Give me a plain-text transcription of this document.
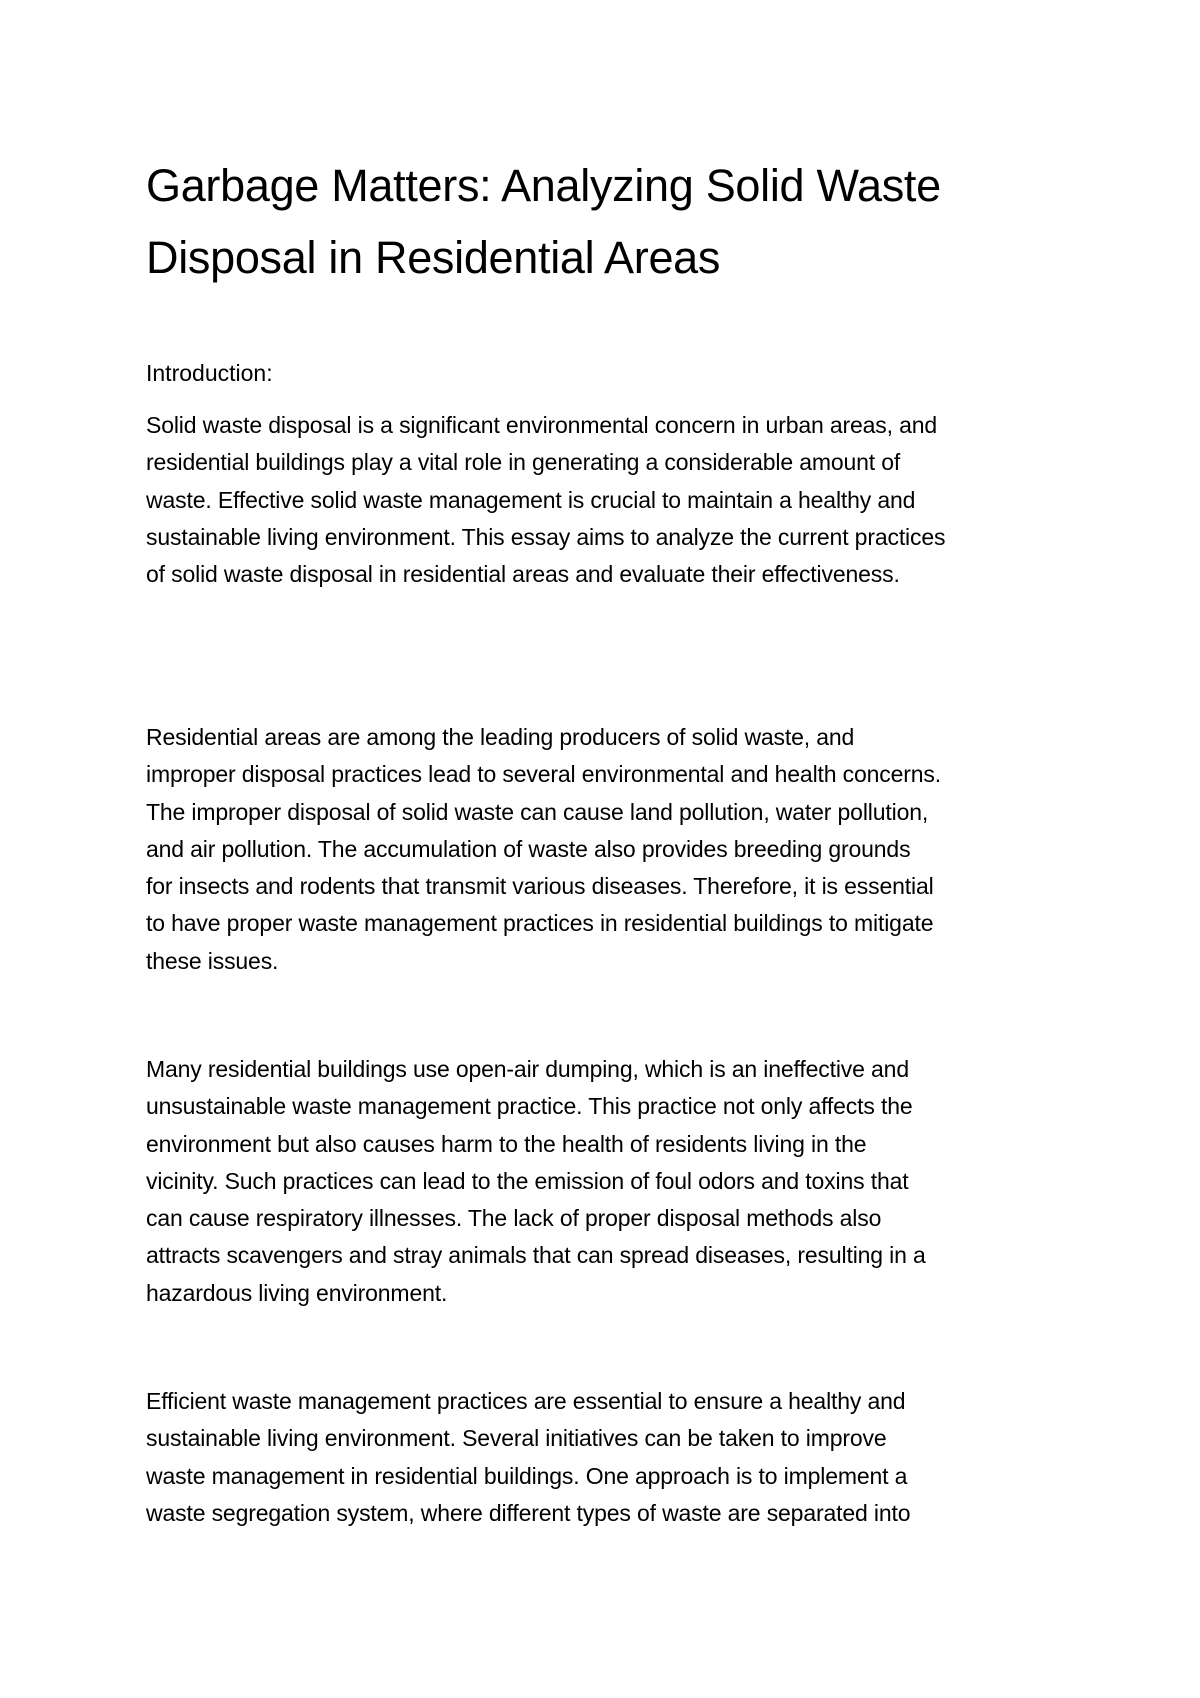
Garbage Matters: Analyzing Solid Waste
Disposal in Residential Areas

Introduction:

Solid waste disposal is a significant environmental concern in urban areas, and
residential buildings play a vital role in generating a considerable amount of
waste. Effective solid waste management is crucial to maintain a healthy and
sustainable living environment. This essay aims to analyze the current practices
of solid waste disposal in residential areas and evaluate their effectiveness.

Residential areas are among the leading producers of solid waste, and
improper disposal practices lead to several environmental and health concerns.
The improper disposal of solid waste can cause land pollution, water pollution,
and air pollution. The accumulation of waste also provides breeding grounds
for insects and rodents that transmit various diseases. Therefore, it is essential
to have proper waste management practices in residential buildings to mitigate
these issues.

Many residential buildings use open-air dumping, which is an ineffective and
unsustainable waste management practice. This practice not only affects the
environment but also causes harm to the health of residents living in the
vicinity. Such practices can lead to the emission of foul odors and toxins that
can cause respiratory illnesses. The lack of proper disposal methods also
attracts scavengers and stray animals that can spread diseases, resulting in a
hazardous living environment.

Efficient waste management practices are essential to ensure a healthy and
sustainable living environment. Several initiatives can be taken to improve
waste management in residential buildings. One approach is to implement a
waste segregation system, where different types of waste are separated into
